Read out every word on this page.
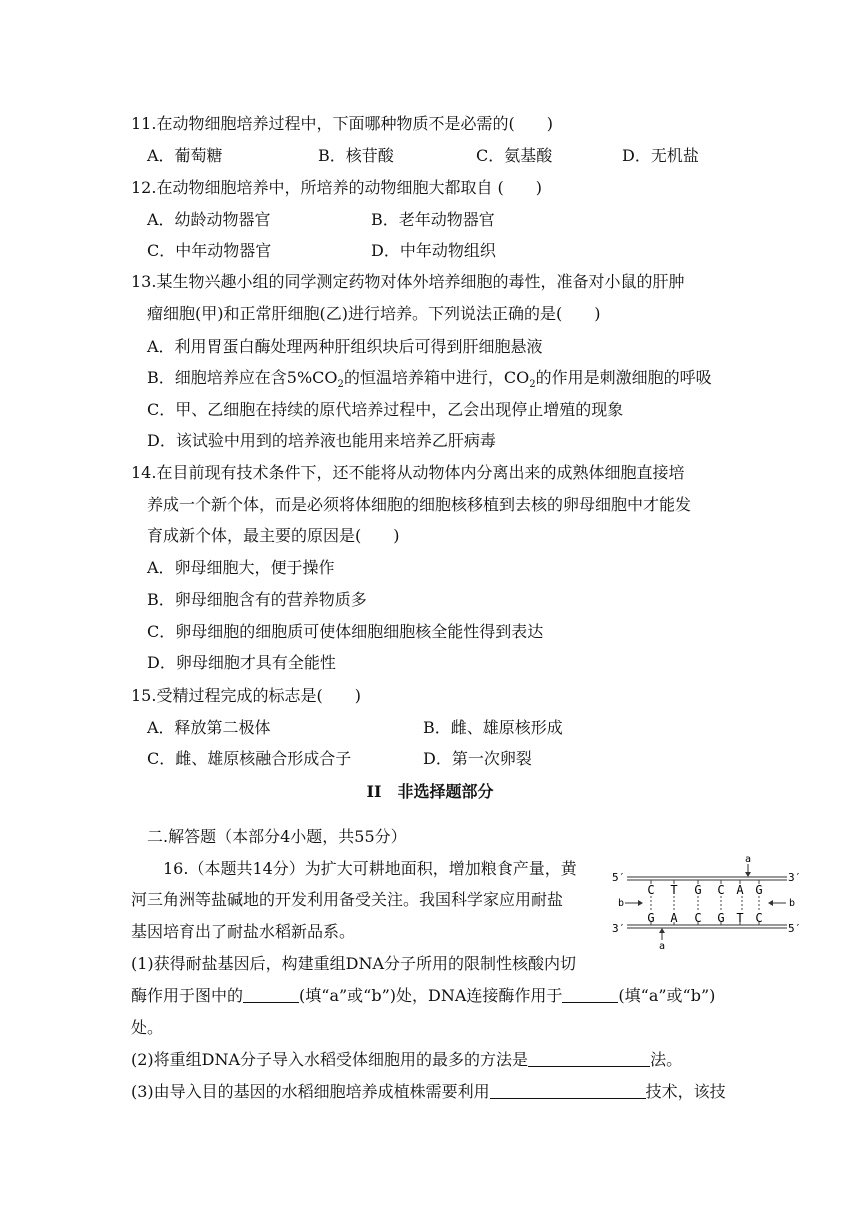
11.在动物细胞培养过程中，下面哪种物质不是必需的(　　)
A．葡萄糖	B．核苷酸	C．氨基酸	D．无机盐
12.在动物细胞培养中，所培养的动物细胞大都取自 (　　)
A．幼龄动物器官	B．老年动物器官
C．中年动物器官	D．中年动物组织
13.某生物兴趣小组的同学测定药物对体外培养细胞的毒性，准备对小鼠的肝肿
瘤细胞(甲)和正常肝细胞(乙)进行培养。下列说法正确的是(　　)
A．利用胃蛋白酶处理两种肝组织块后可得到肝细胞悬液
B．细胞培养应在含$5\%CO_2$的恒温培养箱中进行，$CO_2$的作用是刺激细胞的呼吸
C．甲、乙细胞在持续的原代培养过程中，乙会出现停止增殖的现象
D．该试验中用到的培养液也能用来培养乙肝病毒
14.在目前现有技术条件下，还不能将从动物体内分离出来的成熟体细胞直接培
养成一个新个体，而是必须将体细胞的细胞核移植到去核的卵母细胞中才能发
育成新个体，最主要的原因是(　　)
A．卵母细胞大，便于操作
B．卵母细胞含有的营养物质多
C．卵母细胞的细胞质可使体细胞细胞核全能性得到表达
D．卵母细胞才具有全能性
15.受精过程完成的标志是(　　)
A．释放第二极体	B．雌、雄原核形成
C．雌、雄原核融合形成合子	D．第一次卵裂
II　非选择题部分
二.解答题（本部分4小题，共55分）
16.（本题共14分）为扩大可耕地面积，增加粮食产量，黄
河三角洲等盐碱地的开发利用备受关注。我国科学家应用耐盐
基因培育出了耐盐水稻新品系。
(1)获得耐盐基因后，构建重组DNA分子所用的限制性核酸内切
酶作用于图中的	(填“a”或“b”)处，DNA连接酶作用于	(填“a”或“b”)
处。
(2)将重组DNA分子导入水稻受体细胞用的最多的方法是	法。
(3)由导入目的基因的水稻细胞培养成植株需要利用	技术，该技
5′	3′
3′	5′
C T G C A G
G A C G T C
a
a
b	b
